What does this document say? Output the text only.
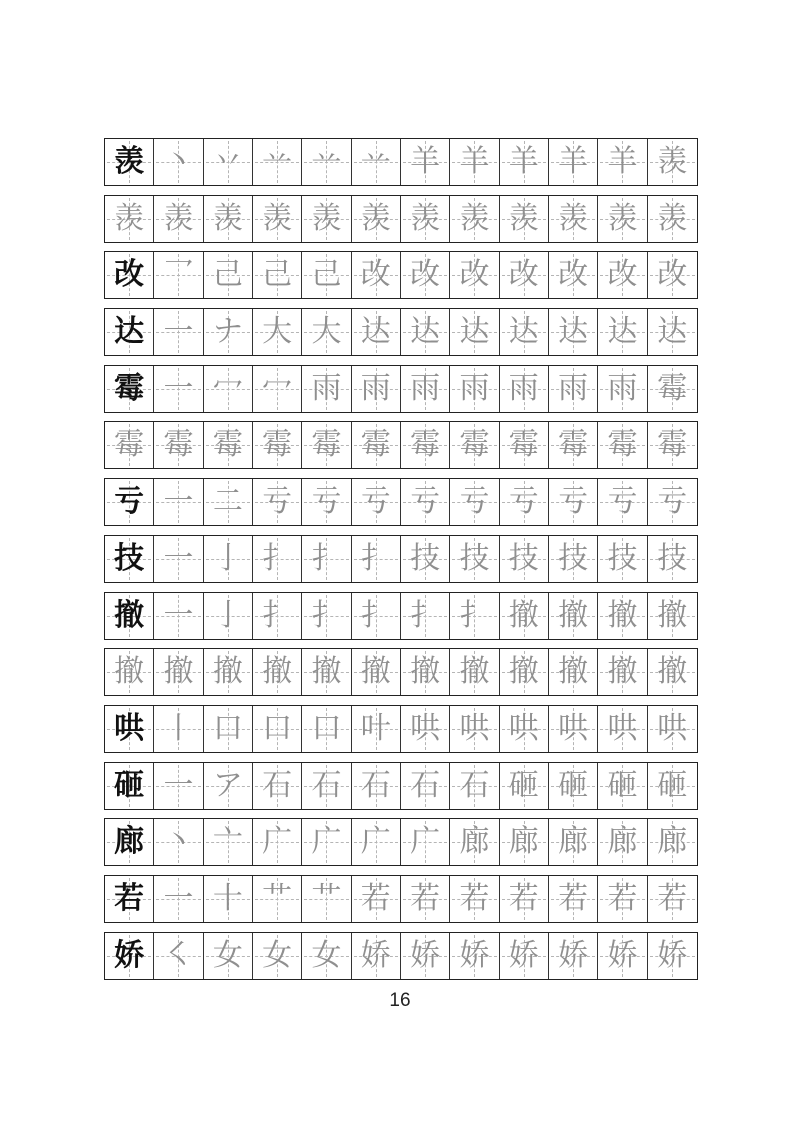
羡 丶 丷 䒑 䒑 䒑 羊 羊 羊 羊 羊 羡
羡 羡 羡 羡 羡 羡 羡 羡 羡 羡 羡 羡
改 乛 己 己 己 改 改 改 改 改 改 改
达 一 ナ 大 大 达 达 达 达 达 达 达
霉 一 冖 冖 雨 雨 雨 雨 雨 雨 雨 霉
霉 霉 霉 霉 霉 霉 霉 霉 霉 霉 霉 霉
亏 一 二 亏 亏 亏 亏 亏 亏 亏 亏 亏
技 一 亅 扌 扌 扌 技 技 技 技 技 技
撤 一 亅 扌 扌 扌 扌 扌 撤 撤 撤 撤
撤 撤 撤 撤 撤 撤 撤 撤 撤 撤 撤 撤
哄 丨 口 口 口 叶 哄 哄 哄 哄 哄 哄
砸 一 ア 石 石 石 石 石 砸 砸 砸 砸
廊 丶 亠 广 广 广 广 廊 廊 廊 廊 廊
若 一 十 艹 艹 若 若 若 若 若 若 若
娇 ㇛ 女 女 女 娇 娇 娇 娇 娇 娇 娇
16
